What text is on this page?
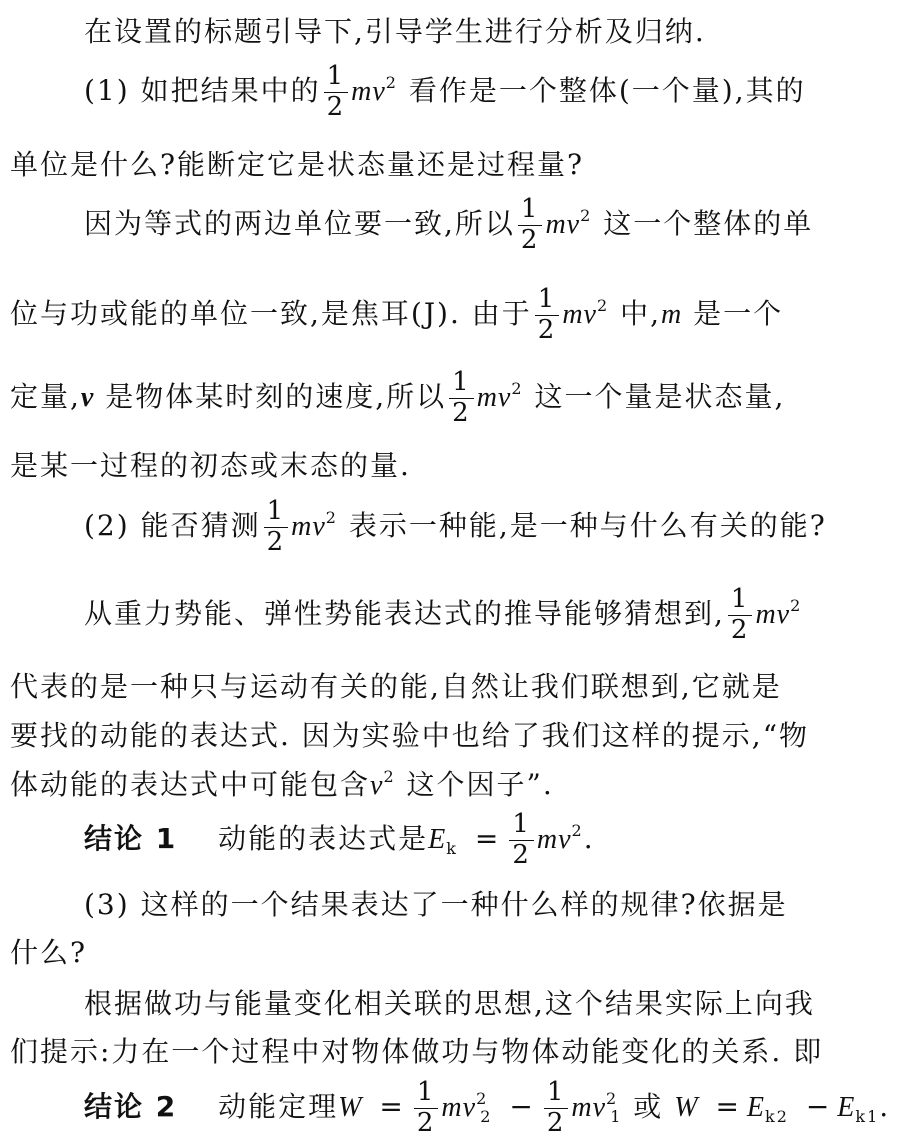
在设置的标题引导下,引导学生进行分析及归纳.
(1) 如把结果中的 $\frac{1}{2} mv^2$ 看作是一个整体(一个量),其的
单位是什么?能断定它是状态量还是过程量?
因为等式的两边单位要一致,所以 $\frac{1}{2} mv^2$ 这一个整体的单
位与功或能的单位一致,是焦耳(J). 由于 $\frac{1}{2} mv^2$ 中,m 是一个
定量,v 是物体某时刻的速度,所以 $\frac{1}{2} mv^2$ 这一个量是状态量,
是某一过程的初态或末态的量.
(2) 能否猜测 $\frac{1}{2} mv^2$ 表示一种能,是一种与什么有关的能?
从重力势能、弹性势能表达式的推导能够猜想到, $\frac{1}{2} mv^2$
代表的是一种只与运动有关的能,自然让我们联想到,它就是
要找的动能的表达式. 因为实验中也给了我们这样的提示,“物
体动能的表达式中可能包含$v^2$ 这个因子”.
结论 1 动能的表达式是$E_k = \frac{1}{2} mv^2$.
(3) 这样的一个结果表达了一种什么样的规律?依据是
什么?
根据做功与能量变化相关联的思想,这个结果实际上向我
们提示:力在一个过程中对物体做功与物体动能变化的关系. 即
结论 2 动能定理$W = \frac{1}{2} mv^2_2 - \frac{1}{2} mv^2_1$ 或 $W = E_{k2} - E_{k1}$.
